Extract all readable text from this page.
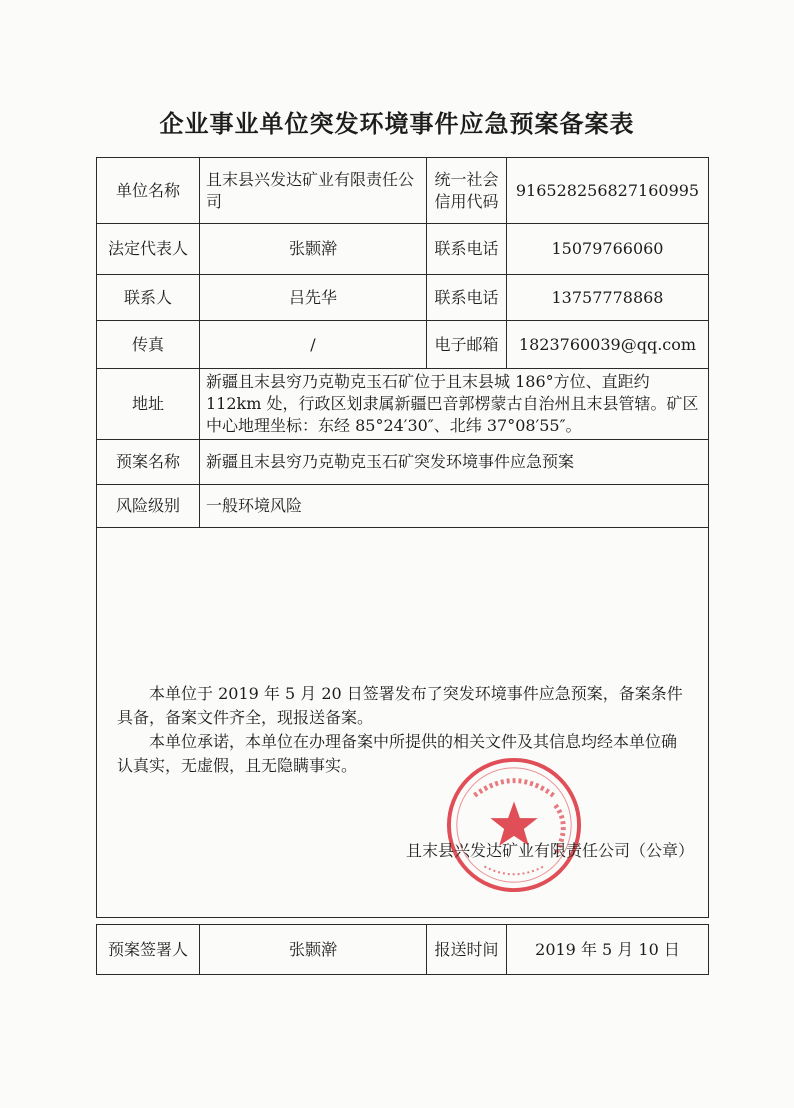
企业事业单位突发环境事件应急预案备案表
单位名称	且末县兴发达矿业有限责任公司	统一社会信用代码	916528256827160995
法定代表人	张颢澣	联系电话	15079766060
联系人	吕先华	联系电话	13757778868
传真	/	电子邮箱	1823760039@qq.com
地址	新疆且末县穷乃克勒克玉石矿位于且末县城 186°方位、直距约 112km 处，行政区划隶属新疆巴音郭楞蒙古自治州且末县管辖。矿区中心地理坐标：东经 85°24′30″、北纬 37°08′55″。		
预案名称	新疆且末县穷乃克勒克玉石矿突发环境事件应急预案		
风险级别	一般环境风险		

本单位于 2019 年 5 月 20 日签署发布了突发环境事件应急预案，备案条件具备，备案文件齐全，现报送备案。

本单位承诺，本单位在办理备案中所提供的相关文件及其信息均经本单位确认真实，无虚假，且无隐瞒事实。

且末县兴发达矿业有限责任公司（公章）			
预案签署人	张颢澣	报送时间	2019 年 5 月 10 日
